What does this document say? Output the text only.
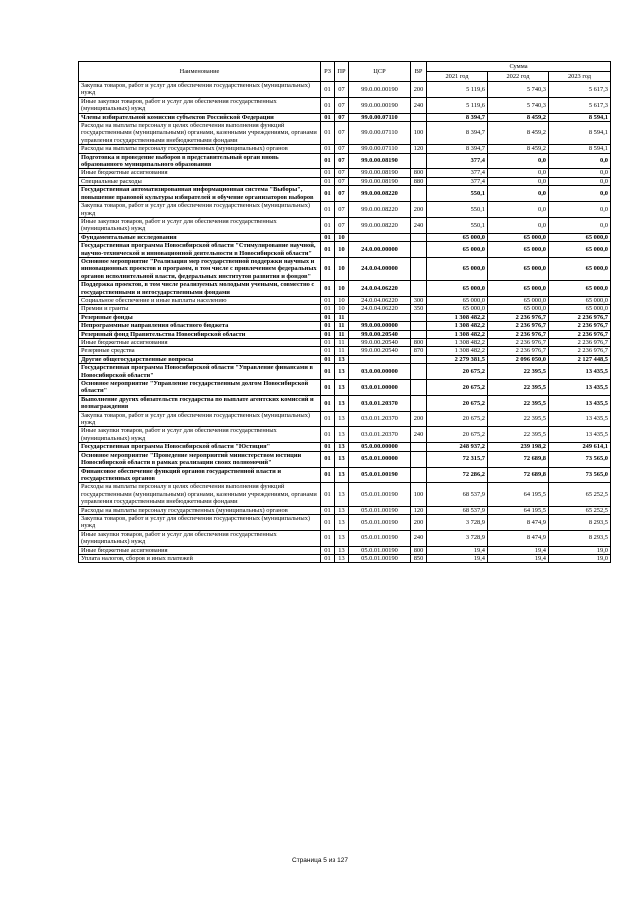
Наименование	РЗ	ПР	ЦСР	ВР	Сумма		
					2021 год	2022 год	2023 год
Закупка товаров, работ и услуг для обеспечения государственных (муниципальных) нужд	01	07	99.0.00.00190	200	5 119,6	5 740,3	5 617,3
Иные закупки товаров, работ и услуг для обеспечения государственных (муниципальных) нужд	01	07	99.0.00.00190	240	5 119,6	5 740,3	5 617,3
Члены избирательной комиссии субъектов Российской Федерации	01	07	99.0.00.07110		8 394,7	8 459,2	8 594,1
Расходы на выплаты персоналу в целях обеспечения выполнения функций государственными (муниципальными) органами, казенными учреждениями, органами управления государственными внебюджетными фондами	01	07	99.0.00.07110	100	8 394,7	8 459,2	8 594,1
Расходы на выплаты персоналу государственных (муниципальных) органов	01	07	99.0.00.07110	120	8 394,7	8 459,2	8 594,1
Подготовка и проведение выборов в представительный орган вновь образованного муниципального образования	01	07	99.0.00.08190		377,4	0,0	0,0
Иные бюджетные ассигнования	01	07	99.0.00.08190	800	377,4	0,0	0,0
Специальные расходы	01	07	99.0.00.08190	880	377,4	0,0	0,0
Государственная автоматизированная информационная система "Выборы", повышение правовой культуры избирателей и обучение организаторов выборов	01	07	99.0.00.08220		550,1	0,0	0,0
Закупка товаров, работ и услуг для обеспечения государственных (муниципальных) нужд	01	07	99.0.00.08220	200	550,1	0,0	0,0
Иные закупки товаров, работ и услуг для обеспечения государственных (муниципальных) нужд	01	07	99.0.00.08220	240	550,1	0,0	0,0
Фундаментальные исследования	01	10			65 000,0	65 000,0	65 000,0
Государственная программа Новосибирской области "Стимулирование научной, научно-технической и инновационной деятельности в Новосибирской области"	01	10	24.0.00.00000		65 000,0	65 000,0	65 000,0
Основное мероприятие "Реализация мер государственной поддержки научных и инновационных проектов и программ, в том числе с привлечением федеральных органов исполнительной власти, федеральных институтов развития и фондов"	01	10	24.0.04.00000		65 000,0	65 000,0	65 000,0
Поддержка проектов, в том числе реализуемых молодыми учеными, совместно с государственными и негосударственными фондами	01	10	24.0.04.06220		65 000,0	65 000,0	65 000,0
Социальное обеспечение и иные выплаты населению	01	10	24.0.04.06220	300	65 000,0	65 000,0	65 000,0
Премии и гранты	01	10	24.0.04.06220	350	65 000,0	65 000,0	65 000,0
Резервные фонды	01	11			1 308 482,2	2 236 976,7	2 236 976,7
Непрограммные направления областного бюджета	01	11	99.0.00.00000		1 308 482,2	2 236 976,7	2 236 976,7
Резервный фонд Правительства Новосибирской области	01	11	99.0.00.20540		1 308 482,2	2 236 976,7	2 236 976,7
Иные бюджетные ассигнования	01	11	99.0.00.20540	800	1 308 482,2	2 236 976,7	2 236 976,7
Резервные средства	01	11	99.0.00.20540	870	1 308 482,2	2 236 976,7	2 236 976,7
Другие общегосударственные вопросы	01	13			2 279 381,5	2 096 050,0	2 127 448,5
Государственная программа Новосибирской области "Управление финансами в Новосибирской области"	01	13	03.0.00.00000		20 675,2	22 395,5	13 435,5
Основное мероприятие "Управление государственным долгом Новосибирской области"	01	13	03.0.01.00000		20 675,2	22 395,5	13 435,5
Выполнение других обязательств государства по выплате агентских комиссий и вознаграждения	01	13	03.0.01.20370		20 675,2	22 395,5	13 435,5
Закупка товаров, работ и услуг для обеспечения государственных (муниципальных) нужд	01	13	03.0.01.20370	200	20 675,2	22 395,5	13 435,5
Иные закупки товаров, работ и услуг для обеспечения государственных (муниципальных) нужд	01	13	03.0.01.20370	240	20 675,2	22 395,5	13 435,5
Государственная программа Новосибирской области "Юстиция"	01	13	05.0.00.00000		248 937,2	239 198,2	249 614,1
Основное мероприятие "Проведение мероприятий министерством юстиции Новосибирской области в рамках реализации своих полномочий"	01	13	05.0.01.00000		72 315,7	72 689,8	73 565,0
Финансовое обеспечение функций органов государственной власти и государственных органов	01	13	05.0.01.00190		72 286,2	72 689,8	73 565,0
Расходы на выплаты персоналу в целях обеспечения выполнения функций государственными (муниципальными) органами, казенными учреждениями, органами управления государственными внебюджетными фондами	01	13	05.0.01.00190	100	68 537,9	64 195,5	65 252,5
Расходы на выплаты персоналу государственных (муниципальных) органов	01	13	05.0.01.00190	120	68 537,9	64 195,5	65 252,5
Закупка товаров, работ и услуг для обеспечения государственных (муниципальных) нужд	01	13	05.0.01.00190	200	3 728,9	8 474,9	8 293,5
Иные закупки товаров, работ и услуг для обеспечения государственных (муниципальных) нужд	01	13	05.0.01.00190	240	3 728,9	8 474,9	8 293,5
Иные бюджетные ассигнования	01	13	05.0.01.00190	800	19,4	19,4	19,0
Уплата налогов, сборов и иных платежей	01	13	05.0.01.00190	850	19,4	19,4	19,0
Страница 5 из 127
